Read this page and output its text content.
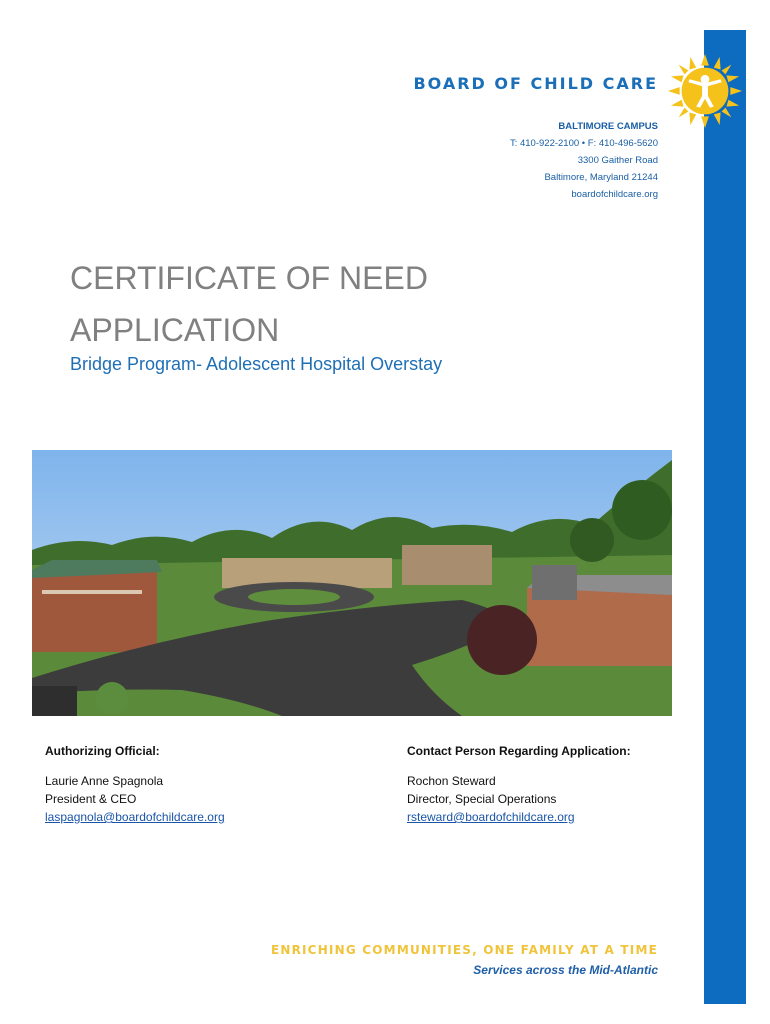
BOARD OF CHILD CARE
BALTIMORE CAMPUS
T: 410-922-2100 • F: 410-496-5620
3300 Gaither Road
Baltimore, Maryland 21244
boardofchildcare.org
CERTIFICATE OF NEED
APPLICATION
Bridge Program- Adolescent Hospital Overstay
Authorizing Official:
Laurie Anne Spagnola
President & CEO
laspagnola@boardofchildcare.org
Contact Person Regarding Application:
Rochon Steward
Director, Special Operations
rsteward@boardofchildcare.org
ENRICHING COMMUNITIES, ONE FAMILY AT A TIME
Services across the Mid-Atlantic
